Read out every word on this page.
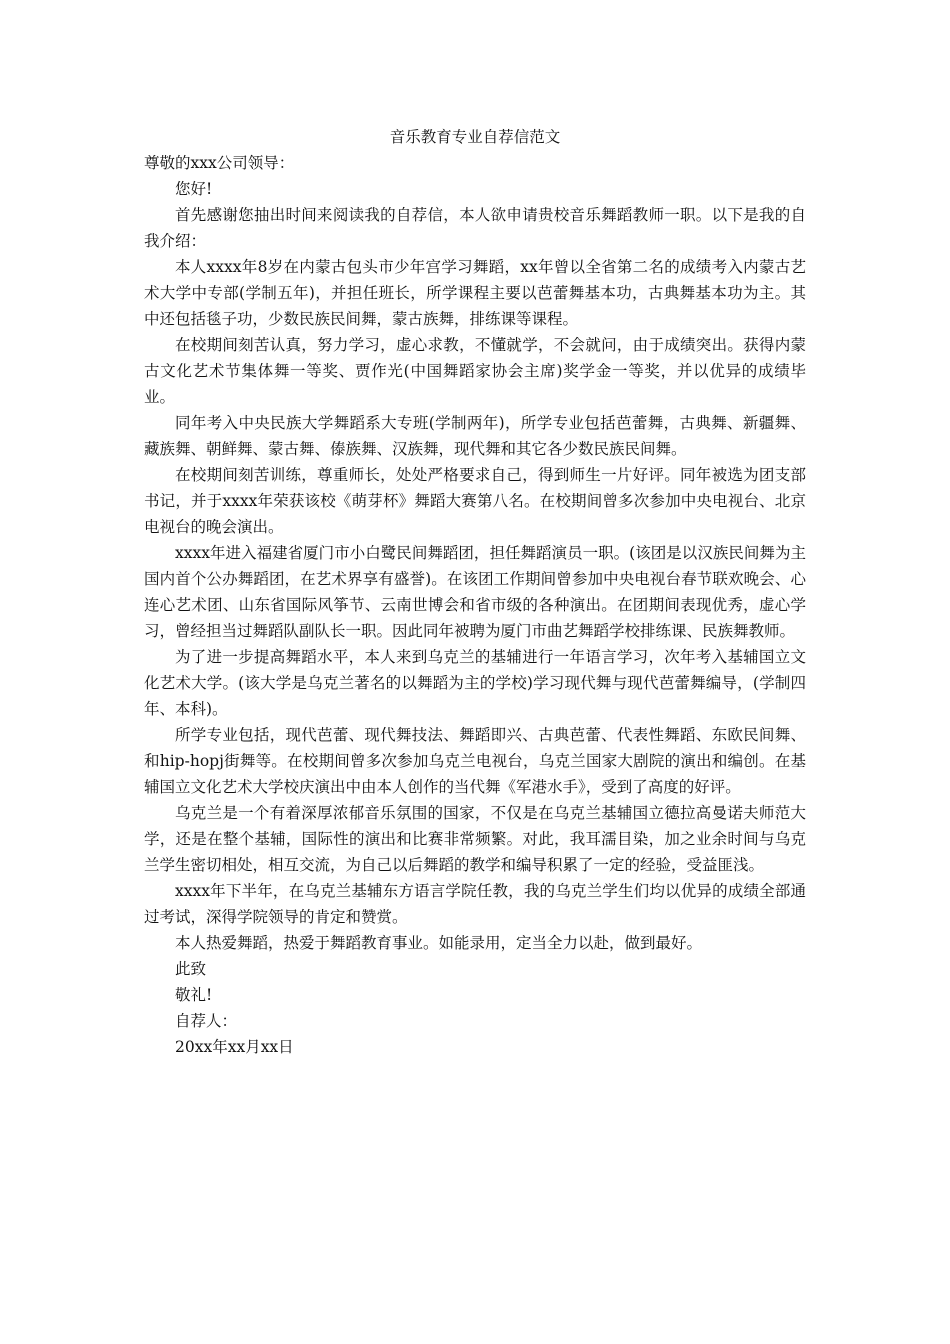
音乐教育专业自荐信范文

尊敬的xxx公司领导：

您好!

首先感谢您抽出时间来阅读我的自荐信，本人欲申请贵校音乐舞蹈教师一职。以下是我的自我介绍：

本人xxxx年8岁在内蒙古包头市少年宫学习舞蹈，xx年曾以全省第二名的成绩考入内蒙古艺术大学中专部(学制五年)，并担任班长，所学课程主要以芭蕾舞基本功，古典舞基本功为主。其中还包括毯子功，少数民族民间舞，蒙古族舞，排练课等课程。

在校期间刻苦认真，努力学习，虚心求教，不懂就学，不会就问，由于成绩突出。获得内蒙古文化艺术节集体舞一等奖、贾作光(中国舞蹈家协会主席)奖学金一等奖，并以优异的成绩毕业。

同年考入中央民族大学舞蹈系大专班(学制两年)，所学专业包括芭蕾舞，古典舞、新疆舞、藏族舞、朝鲜舞、蒙古舞、傣族舞、汉族舞，现代舞和其它各少数民族民间舞。

在校期间刻苦训练，尊重师长，处处严格要求自己，得到师生一片好评。同年被选为团支部书记，并于xxxx年荣获该校《萌芽杯》舞蹈大赛第八名。在校期间曾多次参加中央电视台、北京电视台的晚会演出。

xxxx年进入福建省厦门市小白鹭民间舞蹈团，担任舞蹈演员一职。(该团是以汉族民间舞为主国内首个公办舞蹈团，在艺术界享有盛誉)。在该团工作期间曾参加中央电视台春节联欢晚会、心连心艺术团、山东省国际风筝节、云南世博会和省市级的各种演出。在团期间表现优秀，虚心学习，曾经担当过舞蹈队副队长一职。因此同年被聘为厦门市曲艺舞蹈学校排练课、民族舞教师。

为了进一步提高舞蹈水平，本人来到乌克兰的基辅进行一年语言学习，次年考入基辅国立文化艺术大学。(该大学是乌克兰著名的以舞蹈为主的学校)学习现代舞与现代芭蕾舞编导，(学制四年、本科)。

所学专业包括，现代芭蕾、现代舞技法、舞蹈即兴、古典芭蕾、代表性舞蹈、东欧民间舞、和hip-hopj街舞等。在校期间曾多次参加乌克兰电视台，乌克兰国家大剧院的演出和编创。在基辅国立文化艺术大学校庆演出中由本人创作的当代舞《军港水手》，受到了高度的好评。

乌克兰是一个有着深厚浓郁音乐氛围的国家，不仅是在乌克兰基辅国立德拉高曼诺夫师范大学，还是在整个基辅，国际性的演出和比赛非常频繁。对此，我耳濡目染，加之业余时间与乌克兰学生密切相处，相互交流，为自己以后舞蹈的教学和编导积累了一定的经验，受益匪浅。

xxxx年下半年，在乌克兰基辅东方语言学院任教，我的乌克兰学生们均以优异的成绩全部通过考试，深得学院领导的肯定和赞赏。

本人热爱舞蹈，热爱于舞蹈教育事业。如能录用，定当全力以赴，做到最好。

此致

敬礼!

自荐人：

20xx年xx月xx日
